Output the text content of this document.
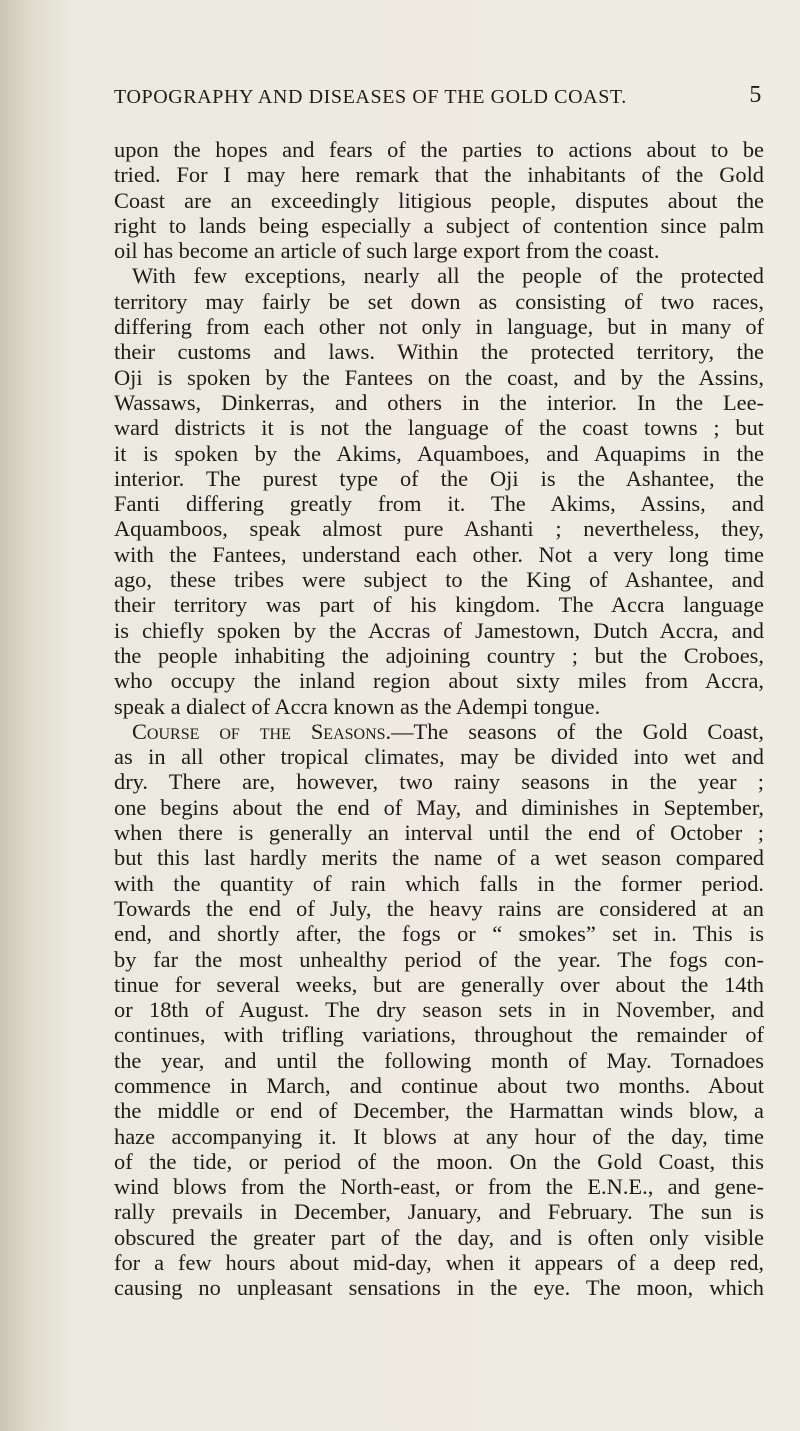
TOPOGRAPHY AND DISEASES OF THE GOLD COAST.	5
upon the hopes and fears of the parties to actions about to be
tried. For I may here remark that the inhabitants of the Gold
Coast are an exceedingly litigious people, disputes about the
right to lands being especially a subject of contention since palm
oil has become an article of such large export from the coast.
With few exceptions, nearly all the people of the protected
territory may fairly be set down as consisting of two races,
differing from each other not only in language, but in many of
their customs and laws. Within the protected territory, the
Oji is spoken by the Fantees on the coast, and by the Assins,
Wassaws, Dinkerras, and others in the interior. In the Lee-
ward districts it is not the language of the coast towns ; but
it is spoken by the Akims, Aquamboes, and Aquapims in the
interior. The purest type of the Oji is the Ashantee, the
Fanti differing greatly from it. The Akims, Assins, and
Aquamboos, speak almost pure Ashanti ; nevertheless, they,
with the Fantees, understand each other. Not a very long time
ago, these tribes were subject to the King of Ashantee, and
their territory was part of his kingdom. The Accra language
is chiefly spoken by the Accras of Jamestown, Dutch Accra, and
the people inhabiting the adjoining country ; but the Croboes,
who occupy the inland region about sixty miles from Accra,
speak a dialect of Accra known as the Adempi tongue.
Course of the Seasons.—The seasons of the Gold Coast,
as in all other tropical climates, may be divided into wet and
dry. There are, however, two rainy seasons in the year ;
one begins about the end of May, and diminishes in September,
when there is generally an interval until the end of October ;
but this last hardly merits the name of a wet season compared
with the quantity of rain which falls in the former period.
Towards the end of July, the heavy rains are considered at an
end, and shortly after, the fogs or “ smokes” set in. This is
by far the most unhealthy period of the year. The fogs con-
tinue for several weeks, but are generally over about the 14th
or 18th of August. The dry season sets in in November, and
continues, with trifling variations, throughout the remainder of
the year, and until the following month of May. Tornadoes
commence in March, and continue about two months. About
the middle or end of December, the Harmattan winds blow, a
haze accompanying it. It blows at any hour of the day, time
of the tide, or period of the moon. On the Gold Coast, this
wind blows from the North-east, or from the E.N.E., and gene-
rally prevails in December, January, and February. The sun is
obscured the greater part of the day, and is often only visible
for a few hours about mid-day, when it appears of a deep red,
causing no unpleasant sensations in the eye. The moon, which
